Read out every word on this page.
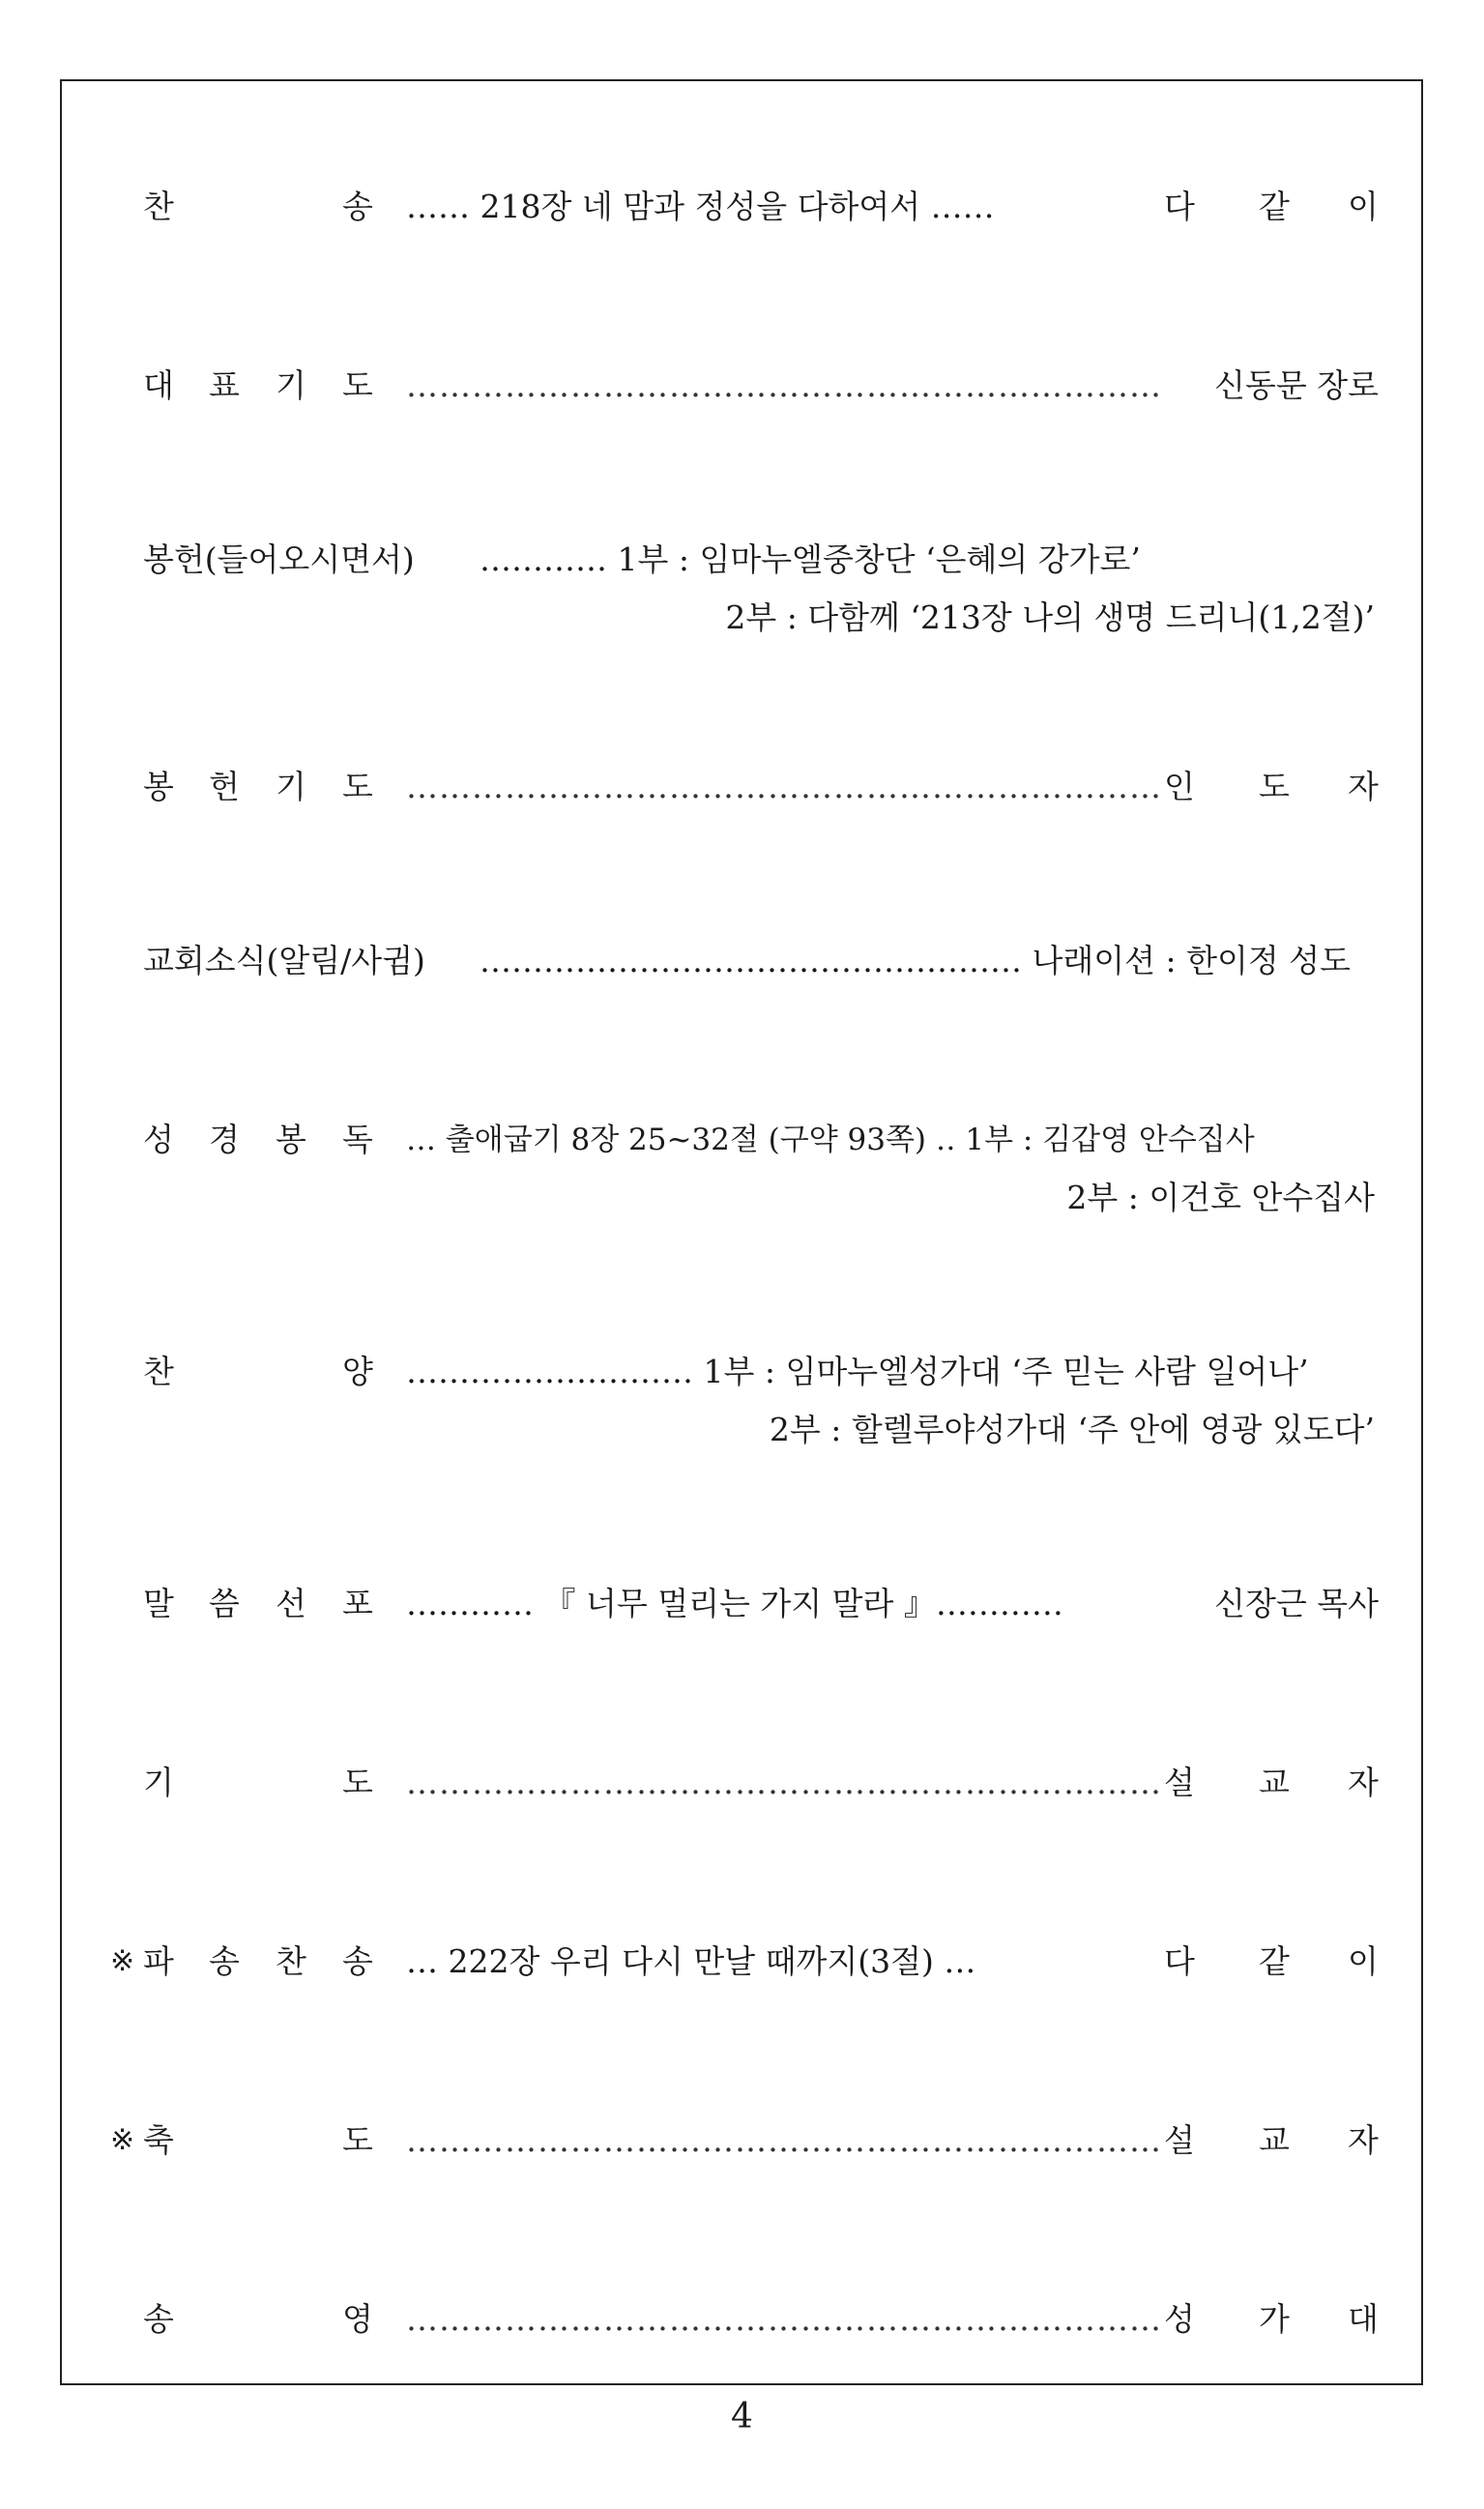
찬	송 …… 218장 네 맘과 정성을 다하여서 ……	다 같 이
대 표 기 도 …………………………………………………………… 신동문 장로
봉헌(들어오시면서) ………… 1부 : 임마누엘중창단 ‘은혜의 강가로’
2부 : 다함께 ‘213장 나의 생명 드리니(1,2절)’
봉 헌 기 도 …………………………………………………………… 인 도 자
교회소식(알림/사귐) …………………………………………… 나래이션 : 한이정 성도
성 경 봉 독 … 출애굽기 8장 25~32절 (구약 93쪽) ‥ 1부 : 김갑영 안수집사
2부 : 이건호 안수집사
찬	양 ……………………… 1부 : 임마누엘성가대 ‘주 믿는 사람 일어나’
2부 : 할렐루야성가대 ‘주 안에 영광 있도다’
말 씀 선 포 ………… 『 너무 멀리는 가지 말라 』…………	신장근 목사
기	도 …………………………………………………………… 설 교 자
※ 파 송 찬 송 … 222장 우리 다시 만날 때까지(3절) …	다 같 이
※ 축	도 …………………………………………………………… 설 교 자
송	영 …………………………………………………………… 성 가 대
4
